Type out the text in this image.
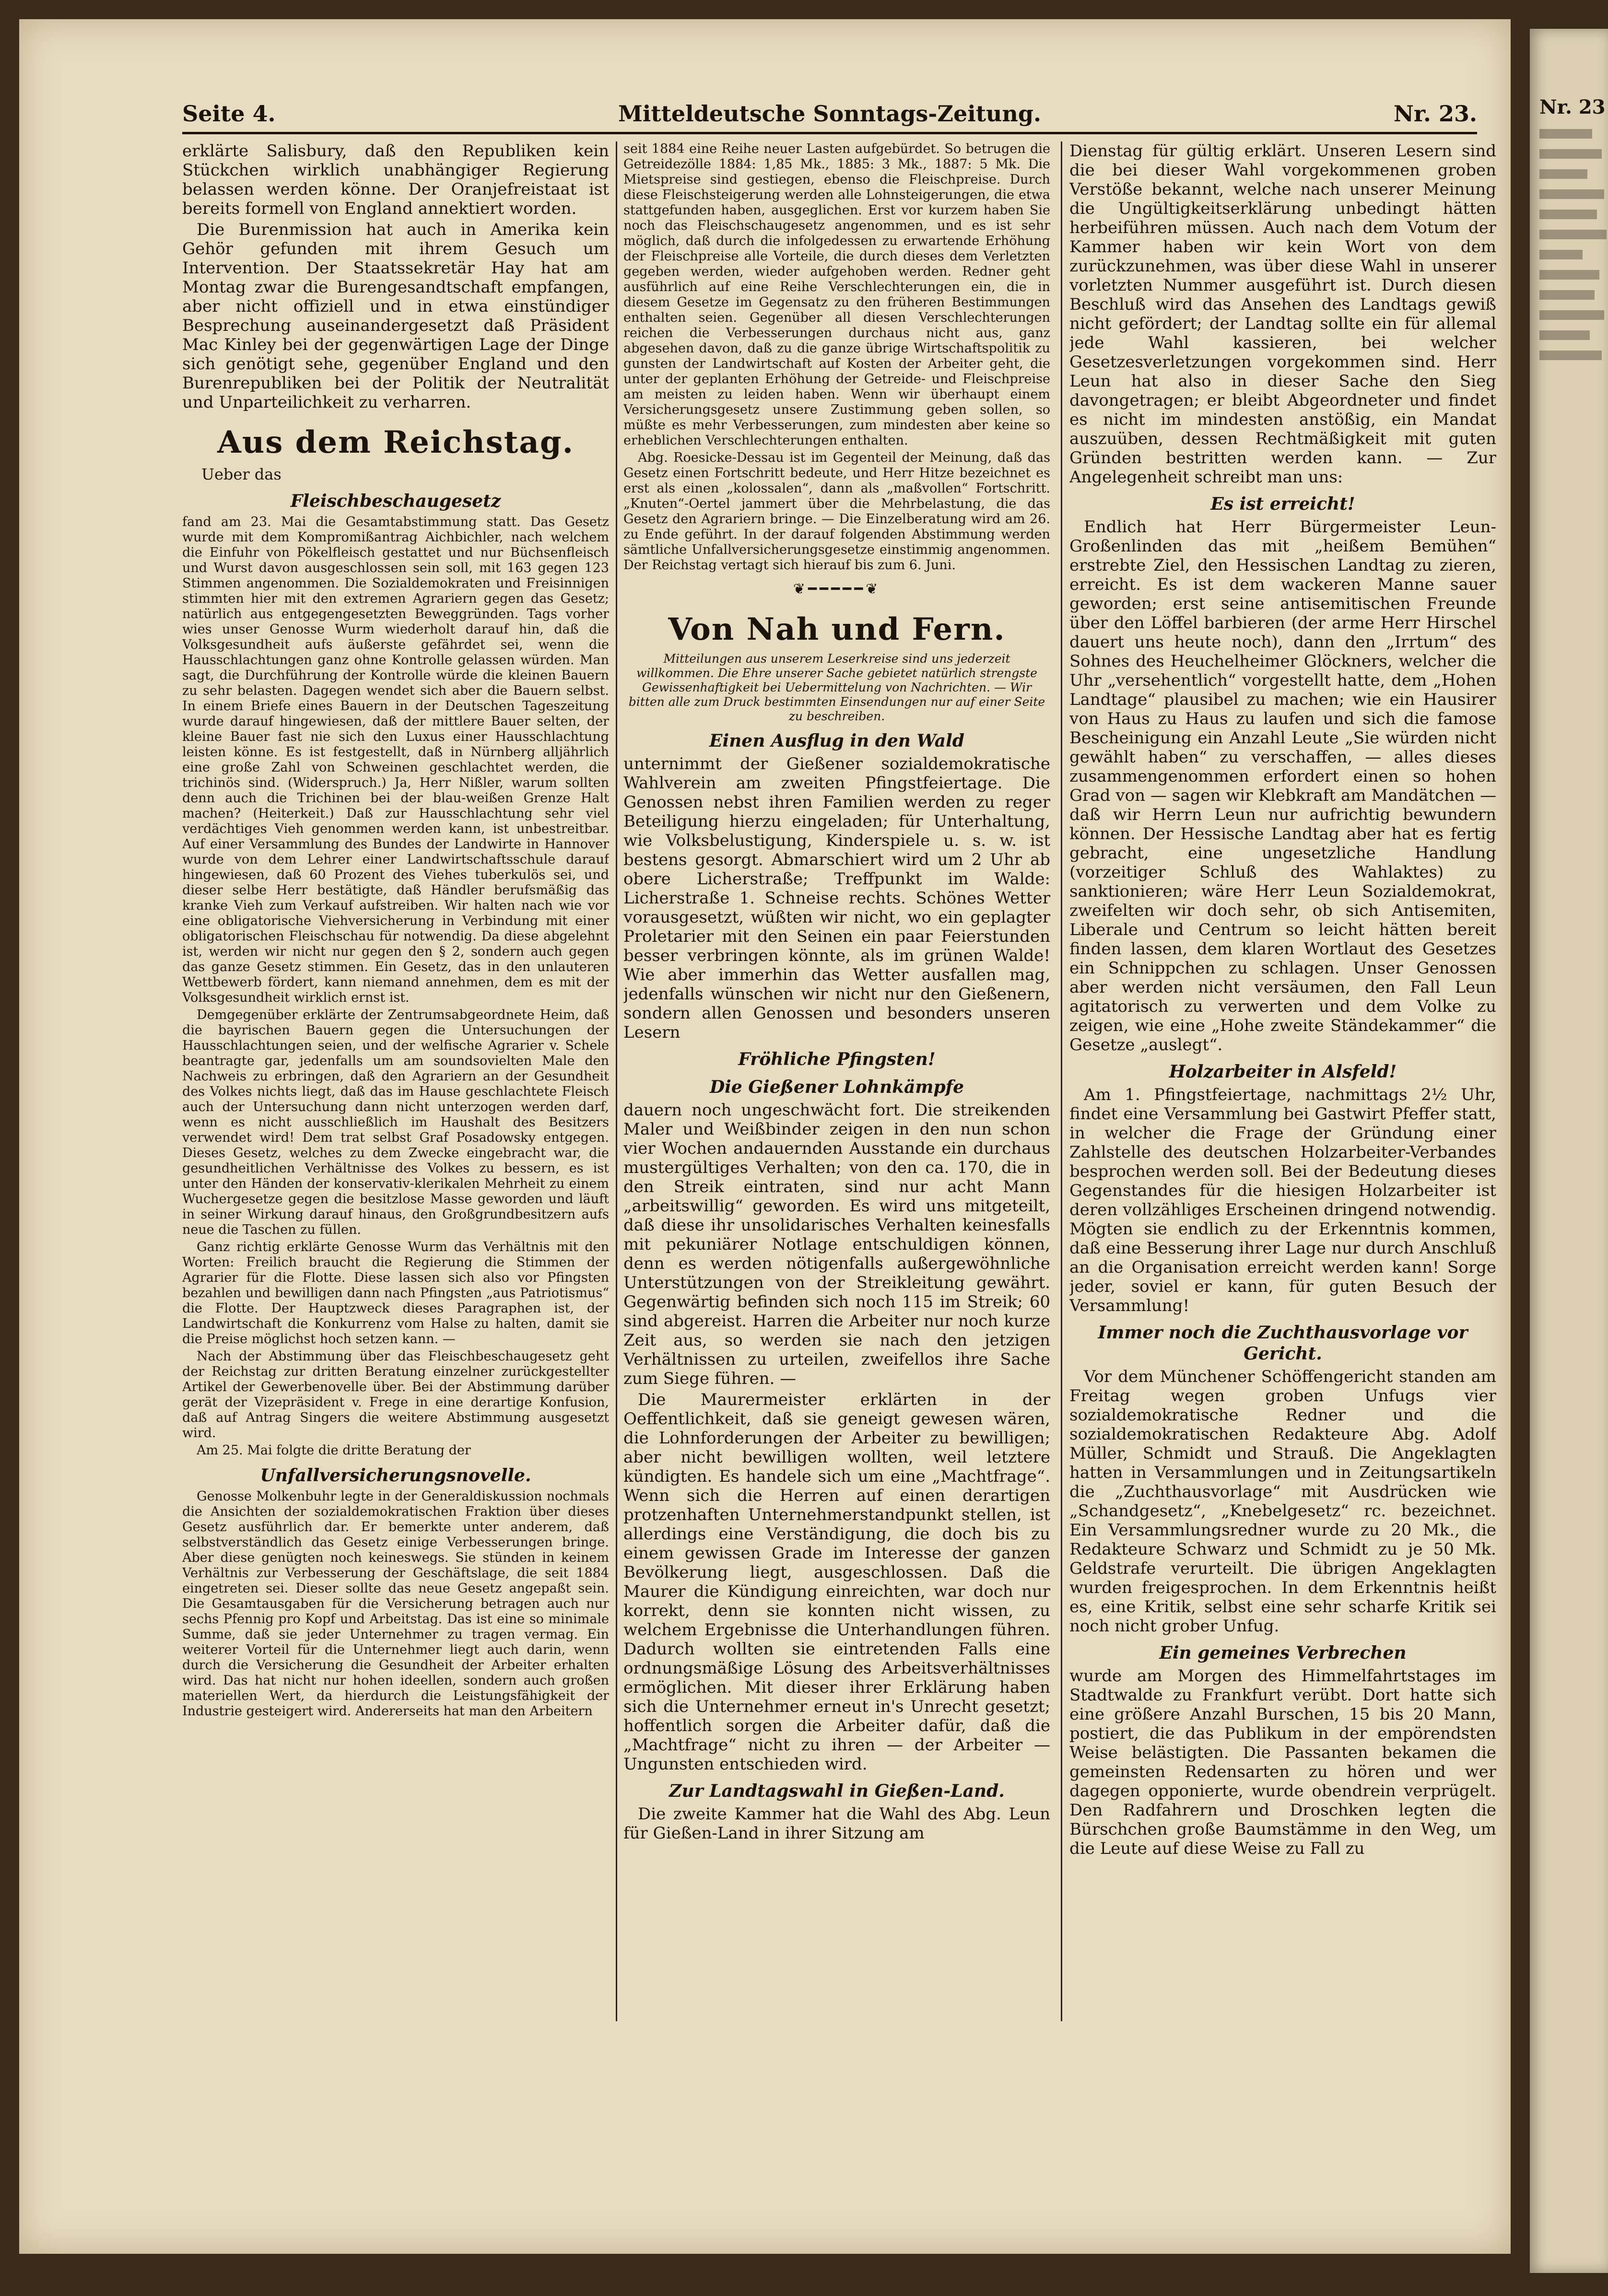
Nr. 23
Seite 4.	Mitteldeutsche Sonntags-Zeitung.	Nr. 23.

erklärte Salisbury, daß den Republiken kein Stückchen wirklich unabhängiger Regierung belassen werden könne. Der Oranjefreistaat ist bereits formell von England annektiert worden.

Die Burenmission hat auch in Amerika kein Gehör gefunden mit ihrem Gesuch um Intervention. Der Staatssekretär Hay hat am Montag zwar die Burengesandtschaft empfangen, aber nicht offiziell und in etwa einstündiger Besprechung auseinandergesetzt daß Präsident Mac Kinley bei der gegenwärtigen Lage der Dinge sich genötigt sehe, gegenüber England und den Burenrepubliken bei der Politik der Neutralität und Unparteilichkeit zu verharren.

Aus dem Reichstag.
Ueber das
Fleischbeschaugesetz

fand am 23. Mai die Gesamtabstimmung statt. Das Gesetz wurde mit dem Kompromißantrag Aichbichler, nach welchem die Einfuhr von Pökelfleisch gestattet und nur Büchsenfleisch und Wurst davon ausgeschlossen sein soll, mit 163 gegen 123 Stimmen angenommen. Die Sozialdemokraten und Freisinnigen stimmten hier mit den extremen Agrariern gegen das Gesetz; natürlich aus entgegengesetzten Beweggründen. Tags vorher wies unser Genosse Wurm wiederholt darauf hin, daß die Volksgesundheit aufs äußerste gefährdet sei, wenn die Hausschlachtungen ganz ohne Kontrolle gelassen würden. Man sagt, die Durchführung der Kontrolle würde die kleinen Bauern zu sehr belasten. Dagegen wendet sich aber die Bauern selbst. In einem Briefe eines Bauern in der Deutschen Tageszeitung wurde darauf hingewiesen, daß der mittlere Bauer selten, der kleine Bauer fast nie sich den Luxus einer Hausschlachtung leisten könne. Es ist festgestellt, daß in Nürnberg alljährlich eine große Zahl von Schweinen geschlachtet werden, die trichinös sind. (Widerspruch.) Ja, Herr Nißler, warum sollten denn auch die Trichinen bei der blau-weißen Grenze Halt machen? (Heiterkeit.) Daß zur Hausschlachtung sehr viel verdächtiges Vieh genommen werden kann, ist unbestreitbar. Auf einer Versammlung des Bundes der Landwirte in Hannover wurde von dem Lehrer einer Landwirtschaftsschule darauf hingewiesen, daß 60 Prozent des Viehes tuberkulös sei, und dieser selbe Herr bestätigte, daß Händler berufsmäßig das kranke Vieh zum Verkauf aufstreiben. Wir halten nach wie vor eine obligatorische Viehversicherung in Verbindung mit einer obligatorischen Fleischschau für notwendig. Da diese abgelehnt ist, werden wir nicht nur gegen den § 2, sondern auch gegen das ganze Gesetz stimmen. Ein Gesetz, das in den unlauteren Wettbewerb fördert, kann niemand annehmen, dem es mit der Volksgesundheit wirklich ernst ist.

Demgegenüber erklärte der Zentrumsabgeordnete Heim, daß die bayrischen Bauern gegen die Untersuchungen der Hausschlachtungen seien, und der welfische Agrarier v. Schele beantragte gar, jedenfalls um am soundsovielten Male den Nachweis zu erbringen, daß den Agrariern an der Gesundheit des Volkes nichts liegt, daß das im Hause geschlachtete Fleisch auch der Untersuchung dann nicht unterzogen werden darf, wenn es nicht ausschließlich im Haushalt des Besitzers verwendet wird! Dem trat selbst Graf Posadowsky entgegen. Dieses Gesetz, welches zu dem Zwecke eingebracht war, die gesundheitlichen Verhältnisse des Volkes zu bessern, es ist unter den Händen der konservativ-klerikalen Mehrheit zu einem Wuchergesetze gegen die besitzlose Masse geworden und läuft in seiner Wirkung darauf hinaus, den Großgrundbesitzern aufs neue die Taschen zu füllen.

Ganz richtig erklärte Genosse Wurm das Verhältnis mit den Worten: Freilich braucht die Regierung die Stimmen der Agrarier für die Flotte. Diese lassen sich also vor Pfingsten bezahlen und bewilligen dann nach Pfingsten „aus Patriotismus“ die Flotte. Der Hauptzweck dieses Paragraphen ist, der Landwirtschaft die Konkurrenz vom Halse zu halten, damit sie die Preise möglichst hoch setzen kann. —

Nach der Abstimmung über das Fleischbeschaugesetz geht der Reichstag zur dritten Beratung einzelner zurückgestellter Artikel der Gewerbenovelle über. Bei der Abstimmung darüber gerät der Vizepräsident v. Frege in eine derartige Konfusion, daß auf Antrag Singers die weitere Abstimmung ausgesetzt wird.

Am 25. Mai folgte die dritte Beratung der

Unfallversicherungsnovelle.

Genosse Molkenbuhr legte in der Generaldiskussion nochmals die Ansichten der sozialdemokratischen Fraktion über dieses Gesetz ausführlich dar. Er bemerkte unter anderem, daß selbstverständlich das Gesetz einige Verbesserungen bringe. Aber diese genügten noch keineswegs. Sie stünden in keinem Verhältnis zur Verbesserung der Geschäftslage, die seit 1884 eingetreten sei. Dieser sollte das neue Gesetz angepaßt sein. Die Gesamtausgaben für die Versicherung betragen auch nur sechs Pfennig pro Kopf und Arbeitstag. Das ist eine so minimale Summe, daß sie jeder Unternehmer zu tragen vermag. Ein weiterer Vorteil für die Unternehmer liegt auch darin, wenn durch die Versicherung die Gesundheit der Arbeiter erhalten wird. Das hat nicht nur hohen ideellen, sondern auch großen materiellen Wert, da hierdurch die Leistungsfähigkeit der Industrie gesteigert wird. Andererseits hat man den Arbeitern

seit 1884 eine Reihe neuer Lasten aufgebürdet. So betrugen die Getreidezölle 1884: 1,85 Mk., 1885: 3 Mk., 1887: 5 Mk. Die Mietspreise sind gestiegen, ebenso die Fleischpreise. Durch diese Fleischsteigerung werden alle Lohnsteigerungen, die etwa stattgefunden haben, ausgeglichen. Erst vor kurzem haben Sie noch das Fleischschaugesetz angenommen, und es ist sehr möglich, daß durch die infolgedessen zu erwartende Erhöhung der Fleischpreise alle Vorteile, die durch dieses dem Verletzten gegeben werden, wieder aufgehoben werden. Redner geht ausführlich auf eine Reihe Verschlechterungen ein, die in diesem Gesetze im Gegensatz zu den früheren Bestimmungen enthalten seien. Gegenüber all diesen Verschlechterungen reichen die Verbesserungen durchaus nicht aus, ganz abgesehen davon, daß zu die ganze übrige Wirtschaftspolitik zu gunsten der Landwirtschaft auf Kosten der Arbeiter geht, die unter der geplanten Erhöhung der Getreide- und Fleischpreise am meisten zu leiden haben. Wenn wir überhaupt einem Versicherungsgesetz unsere Zustimmung geben sollen, so müßte es mehr Verbesserungen, zum mindesten aber keine so erheblichen Verschlechterungen enthalten.

Abg. Roesicke-Dessau ist im Gegenteil der Meinung, daß das Gesetz einen Fortschritt bedeute, und Herr Hitze bezeichnet es erst als einen „kolossalen“, dann als „maßvollen“ Fortschritt. „Knuten“-Oertel jammert über die Mehrbelastung, die das Gesetz den Agrariern bringe. — Die Einzelberatung wird am 26. zu Ende geführt. In der darauf folgenden Abstimmung werden sämtliche Unfallversicherungsgesetze einstimmig angenommen. Der Reichstag vertagt sich hierauf bis zum 6. Juni.

❦━━━━━❦
Von Nah und Fern.
Mitteilungen aus unserem Leserkreise sind uns jederzeit willkommen. Die Ehre unserer Sache gebietet natürlich strengste Gewissenhaftigkeit bei Uebermittelung von Nachrichten. — Wir bitten alle zum Druck bestimmten Einsendungen nur auf einer Seite zu beschreiben.
Einen Ausflug in den Wald

unternimmt der Gießener sozialdemokratische Wahlverein am zweiten Pfingstfeiertage. Die Genossen nebst ihren Familien werden zu reger Beteiligung hierzu eingeladen; für Unterhaltung, wie Volksbelustigung, Kinderspiele u. s. w. ist bestens gesorgt. Abmarschiert wird um 2 Uhr ab obere Licherstraße; Treffpunkt im Walde: Licherstraße 1. Schneise rechts. Schönes Wetter vorausgesetzt, wüßten wir nicht, wo ein geplagter Proletarier mit den Seinen ein paar Feierstunden besser verbringen könnte, als im grünen Walde! Wie aber immerhin das Wetter ausfallen mag, jedenfalls wünschen wir nicht nur den Gießenern, sondern allen Genossen und besonders unseren Lesern

Fröhliche Pfingsten!
Die Gießener Lohnkämpfe

dauern noch ungeschwächt fort. Die streikenden Maler und Weißbinder zeigen in den nun schon vier Wochen andauernden Ausstande ein durchaus mustergültiges Verhalten; von den ca. 170, die in den Streik eintraten, sind nur acht Mann „arbeitswillig“ geworden. Es wird uns mitgeteilt, daß diese ihr unsolidarisches Verhalten keinesfalls mit pekuniärer Notlage entschuldigen können, denn es werden nötigenfalls außergewöhnliche Unterstützungen von der Streikleitung gewährt. Gegenwärtig befinden sich noch 115 im Streik; 60 sind abgereist. Harren die Arbeiter nur noch kurze Zeit aus, so werden sie nach den jetzigen Verhältnissen zu urteilen, zweifellos ihre Sache zum Siege führen. —

Die Maurermeister erklärten in der Oeffentlichkeit, daß sie geneigt gewesen wären, die Lohnforderungen der Arbeiter zu bewilligen; aber nicht bewilligen wollten, weil letztere kündigten. Es handele sich um eine „Machtfrage“. Wenn sich die Herren auf einen derartigen protzenhaften Unternehmerstandpunkt stellen, ist allerdings eine Verständigung, die doch bis zu einem gewissen Grade im Interesse der ganzen Bevölkerung liegt, ausgeschlossen. Daß die Maurer die Kündigung einreichten, war doch nur korrekt, denn sie konnten nicht wissen, zu welchem Ergebnisse die Unterhandlungen führen. Dadurch wollten sie eintretenden Falls eine ordnungsmäßige Lösung des Arbeitsverhältnisses ermöglichen. Mit dieser ihrer Erklärung haben sich die Unternehmer erneut in's Unrecht gesetzt; hoffentlich sorgen die Arbeiter dafür, daß die „Machtfrage“ nicht zu ihren — der Arbeiter — Ungunsten entschieden wird.

Zur Landtagswahl in Gießen-Land.

Die zweite Kammer hat die Wahl des Abg. Leun für Gießen-Land in ihrer Sitzung am

Dienstag für gültig erklärt. Unseren Lesern sind die bei dieser Wahl vorgekommenen groben Verstöße bekannt, welche nach unserer Meinung die Ungültigkeitserklärung unbedingt hätten herbeiführen müssen. Auch nach dem Votum der Kammer haben wir kein Wort von dem zurückzunehmen, was über diese Wahl in unserer vorletzten Nummer ausgeführt ist. Durch diesen Beschluß wird das Ansehen des Landtags gewiß nicht gefördert; der Landtag sollte ein für allemal jede Wahl kassieren, bei welcher Gesetzesverletzungen vorgekommen sind. Herr Leun hat also in dieser Sache den Sieg davongetragen; er bleibt Abgeordneter und findet es nicht im mindesten anstößig, ein Mandat auszuüben, dessen Rechtmäßigkeit mit guten Gründen bestritten werden kann. — Zur Angelegenheit schreibt man uns:

Es ist erreicht!

Endlich hat Herr Bürgermeister Leun-Großenlinden das mit „heißem Bemühen“ erstrebte Ziel, den Hessischen Landtag zu zieren, erreicht. Es ist dem wackeren Manne sauer geworden; erst seine antisemitischen Freunde über den Löffel barbieren (der arme Herr Hirschel dauert uns heute noch), dann den „Irrtum“ des Sohnes des Heuchelheimer Glöckners, welcher die Uhr „versehentlich“ vorgestellt hatte, dem „Hohen Landtage“ plausibel zu machen; wie ein Hausirer von Haus zu Haus zu laufen und sich die famose Bescheinigung ein Anzahl Leute „Sie würden nicht gewählt haben“ zu verschaffen, — alles dieses zusammengenommen erfordert einen so hohen Grad von — sagen wir Klebkraft am Mandätchen — daß wir Herrn Leun nur aufrichtig bewundern können. Der Hessische Landtag aber hat es fertig gebracht, eine ungesetzliche Handlung (vorzeitiger Schluß des Wahlaktes) zu sanktionieren; wäre Herr Leun Sozialdemokrat, zweifelten wir doch sehr, ob sich Antisemiten, Liberale und Centrum so leicht hätten bereit finden lassen, dem klaren Wortlaut des Gesetzes ein Schnippchen zu schlagen. Unser Genossen aber werden nicht versäumen, den Fall Leun agitatorisch zu verwerten und dem Volke zu zeigen, wie eine „Hohe zweite Ständekammer“ die Gesetze „auslegt“.

Holzarbeiter in Alsfeld!

Am 1. Pfingstfeiertage, nachmittags 2½ Uhr, findet eine Versammlung bei Gastwirt Pfeffer statt, in welcher die Frage der Gründung einer Zahlstelle des deutschen Holzarbeiter-Verbandes besprochen werden soll. Bei der Bedeutung dieses Gegenstandes für die hiesigen Holzarbeiter ist deren vollzähliges Erscheinen dringend notwendig. Mögten sie endlich zu der Erkenntnis kommen, daß eine Besserung ihrer Lage nur durch Anschluß an die Organisation erreicht werden kann! Sorge jeder, soviel er kann, für guten Besuch der Versammlung!

Immer noch die Zuchthausvorlage vor Gericht.

Vor dem Münchener Schöffengericht standen am Freitag wegen groben Unfugs vier sozialdemokratische Redner und die sozialdemokratischen Redakteure Abg. Adolf Müller, Schmidt und Strauß. Die Angeklagten hatten in Versammlungen und in Zeitungsartikeln die „Zuchthausvorlage“ mit Ausdrücken wie „Schandgesetz“, „Knebelgesetz“ rc. bezeichnet. Ein Versammlungsredner wurde zu 20 Mk., die Redakteure Schwarz und Schmidt zu je 50 Mk. Geldstrafe verurteilt. Die übrigen Angeklagten wurden freigesprochen. In dem Erkenntnis heißt es, eine Kritik, selbst eine sehr scharfe Kritik sei noch nicht grober Unfug.

Ein gemeines Verbrechen

wurde am Morgen des Himmelfahrtstages im Stadtwalde zu Frankfurt verübt. Dort hatte sich eine größere Anzahl Burschen, 15 bis 20 Mann, postiert, die das Publikum in der empörendsten Weise belästigten. Die Passanten bekamen die gemeinsten Redensarten zu hören und wer dagegen opponierte, wurde obendrein verprügelt. Den Radfahrern und Droschken legten die Bürschchen große Baumstämme in den Weg, um die Leute auf diese Weise zu Fall zu
